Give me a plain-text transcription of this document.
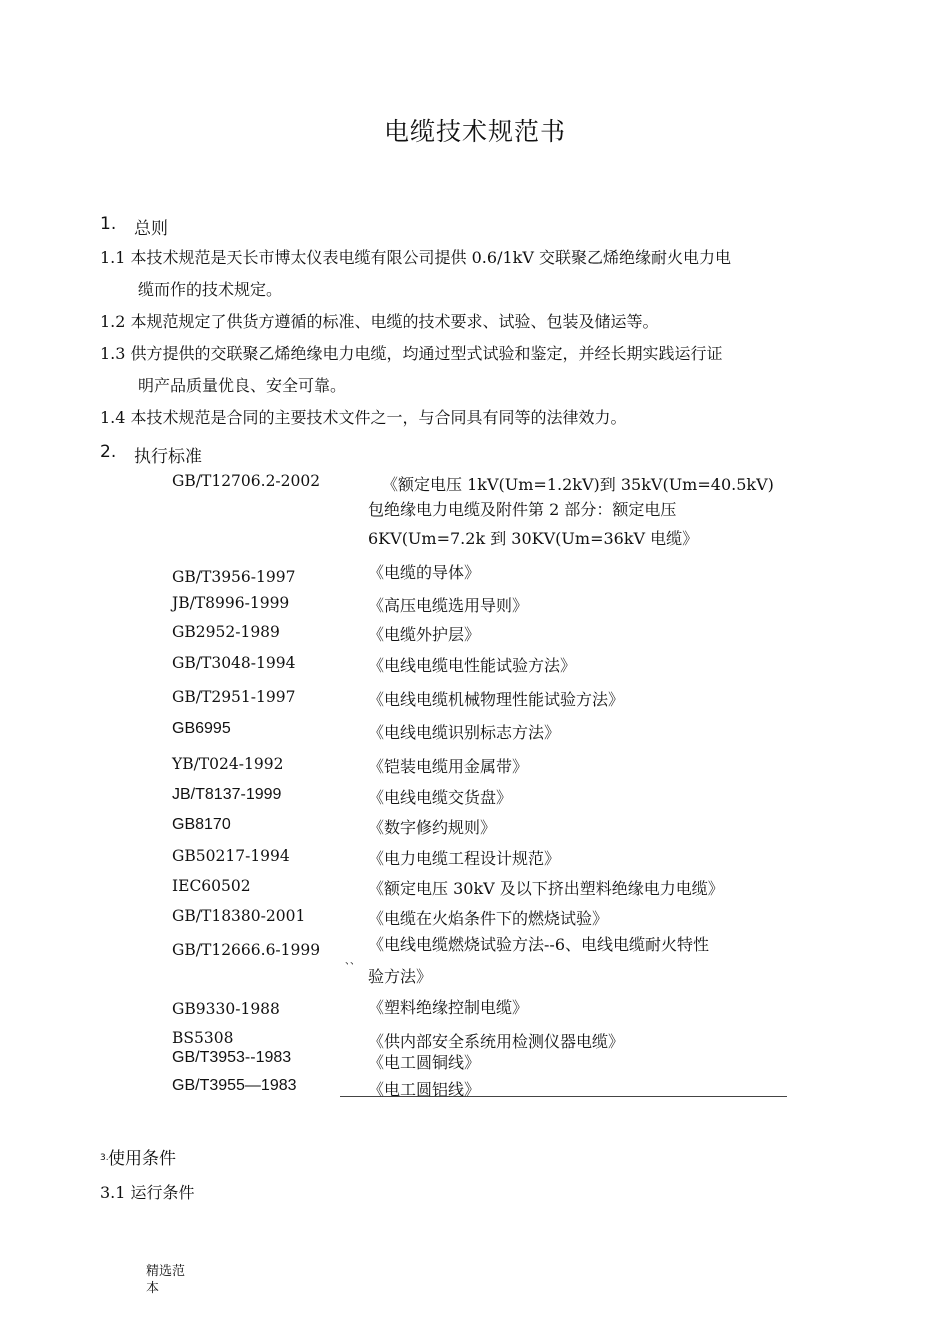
电缆技术规范书
1. 总则
1.1 本技术规范是天长市博太仪表电缆有限公司提供 0.6/1kV 交联聚乙烯绝缘耐火电力电
缆而作的技术规定。
1.2 本规范规定了供货方遵循的标准、电缆的技术要求、试验、包装及储运等。
1.3 供方提供的交联聚乙烯绝缘电力电缆，均通过型式试验和鉴定，并经长期实践运行证
明产品质量优良、安全可靠。
1.4 本技术规范是合同的主要技术文件之一，与合同具有同等的法律效力。
2. 执行标准
GB/T12706.2-2002	《额定电压 1kV(Um=1.2kV)到 35kV(Um=40.5kV)
包绝缘电力电缆及附件第 2 部分：额定电压
6KV(Um=7.2k 到 30KV(Um=36kV 电缆》
GB/T3956-1997	《电缆的导体》
JB/T8996-1999	《高压电缆选用导则》
GB2952-1989	《电缆外护层》
GB/T3048-1994	《电线电缆电性能试验方法》
GB/T2951-1997	《电线电缆机械物理性能试验方法》
GB6995	《电线电缆识别标志方法》
YB/T024-1992	《铠装电缆用金属带》
JB/T8137-1999	《电线电缆交货盘》
GB8170	《数字修约规则》
GB50217-1994	《电力电缆工程设计规范》
IEC60502	《额定电压 30kV 及以下挤出塑料绝缘电力电缆》
GB/T18380-2001	《电缆在火焰条件下的燃烧试验》
GB/T12666.6-1999
、、
《电线电缆燃烧试验方法--6、电线电缆耐火特性
验方法》
GB9330-1988	《塑料绝缘控制电缆》
BS5308	《供内部安全系统用检测仪器电缆》
GB/T3953--1983	《电工圆铜线》
GB/T3955—1983	《电工圆铝线》
3. 使用条件
3.1 运行条件
精选范
本
